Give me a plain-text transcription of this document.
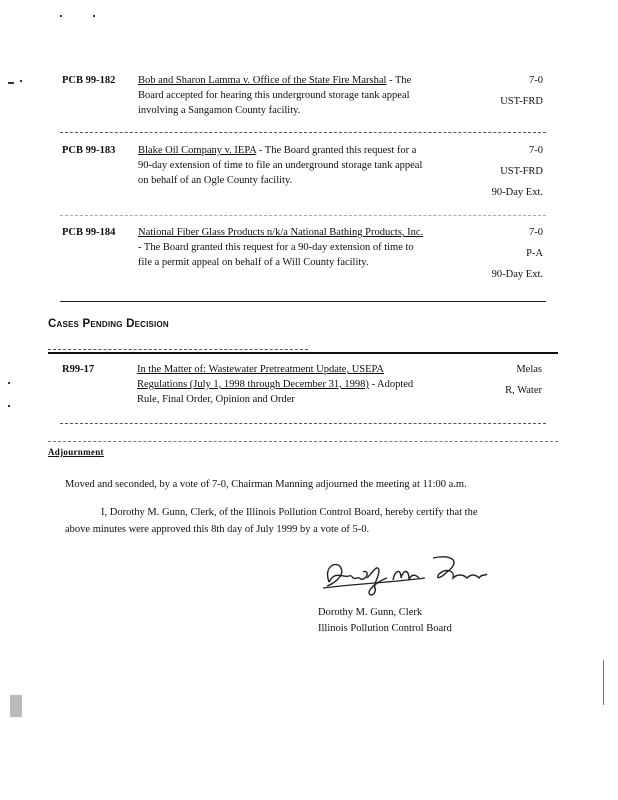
PCB 99-182 Bob and Sharon Lamma v. Office of the State Fire Marshal - The
Board accepted for hearing this underground storage tank appeal
involving a Sangamon County facility.
7-0
UST-FRD
PCB 99-183 Blake Oil Company v. IEPA - The Board granted this request for a
90-day extension of time to file an underground storage tank appeal
on behalf of an Ogle County facility.
7-0
UST-FRD
90-Day Ext.
PCB 99-184 National Fiber Glass Products n/k/a National Bathing Products, Inc.
- The Board granted this request for a 90-day extension of time to
file a permit appeal on behalf of a Will County facility.
7-0
P-A
90-Day Ext.
Cases Pending Decision
R99-17	In the Matter of: Wastewater Pretreatment Update, USEPA
Regulations (July 1, 1998 through December 31, 1998) - Adopted
Rule, Final Order, Opinion and Order
Melas
R, Water
Adjournment
Moved and seconded, by a vote of 7-0, Chairman Manning adjourned the meeting at 11:00 a.m.
I, Dorothy M. Gunn, Clerk, of the Illinois Pollution Control Board, hereby certify that the
above minutes were approved this 8th day of July 1999 by a vote of 5-0.
Dorothy M. Gunn, Clerk
Illinois Pollution Control Board
